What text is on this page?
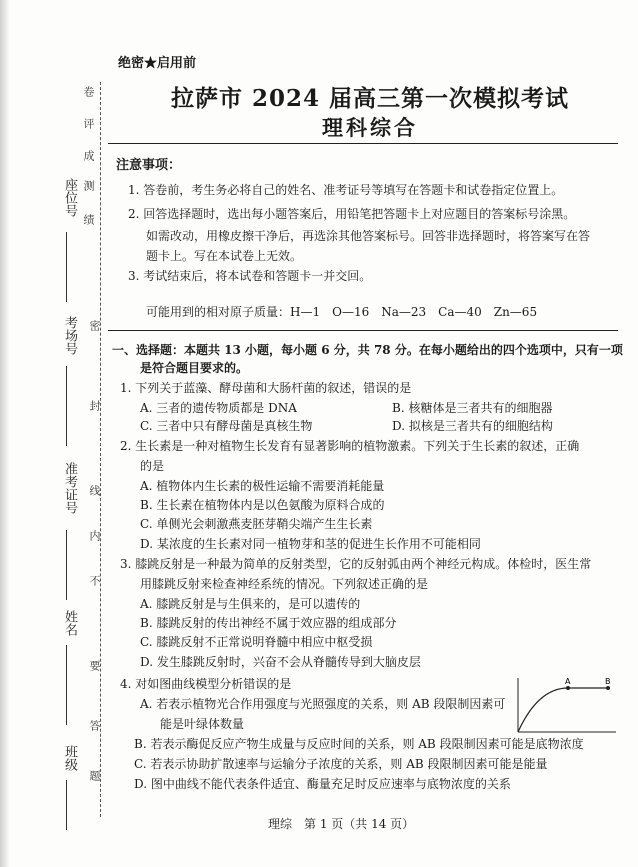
卷
评
成
测
绩
座位号
考场号
准考证号
姓名
班级
密
封
线
内
不
要
答
题
绝密★启用前
拉萨市 2024 届高三第一次模拟考试
理科综合
注意事项：
1. 答卷前，考生务必将自己的姓名、准考证号等填写在答题卡和试卷指定位置上。
2. 回答选择题时，选出每小题答案后，用铅笔把答题卡上对应题目的答案标号涂黑。
如需改动，用橡皮擦干净后，再选涂其他答案标号。回答非选择题时，将答案写在答
题卡上。写在本试卷上无效。
3. 考试结束后，将本试卷和答题卡一并交回。
可能用到的相对原子质量：H—1　O—16　Na—23　Ca—40　Zn—65
一、选择题：本题共 13 小题，每小题 6 分，共 78 分。在每小题给出的四个选项中，只有一项
是符合题目要求的。
1. 下列关于蓝藻、酵母菌和大肠杆菌的叙述，错误的是
A. 三者的遗传物质都是 DNA	B. 核糖体是三者共有的细胞器
C. 三者中只有酵母菌是真核生物	D. 拟核是三者共有的细胞结构
2. 生长素是一种对植物生长发育有显著影响的植物激素。下列关于生长素的叙述，正确
的是
A. 植物体内生长素的极性运输不需要消耗能量
B. 生长素在植物体内是以色氨酸为原料合成的
C. 单侧光会刺激燕麦胚芽鞘尖端产生生长素
D. 某浓度的生长素对同一植物芽和茎的促进生长作用不可能相同
3. 膝跳反射是一种最为简单的反射类型，它的反射弧由两个神经元构成。体检时，医生常
用膝跳反射来检查神经系统的情况。下列叙述正确的是
A. 膝跳反射是与生俱来的，是可以遗传的
B. 膝跳反射的传出神经不属于效应器的组成部分
C. 膝跳反射不正常说明脊髓中相应中枢受损
D. 发生膝跳反射时，兴奋不会从脊髓传导到大脑皮层
4. 对如图曲线模型分析错误的是
A. 若表示植物光合作用强度与光照强度的关系，则 AB 段限制因素可
能是叶绿体数量
B. 若表示酶促反应产物生成量与反应时间的关系，则 AB 段限制因素可能是底物浓度
C. 若表示协助扩散速率与运输分子浓度的关系，则 AB 段限制因素可能是能量
D. 图中曲线不能代表条件适宜、酶量充足时反应速率与底物浓度的关系
A	B
理综　第 1 页（共 14 页）
